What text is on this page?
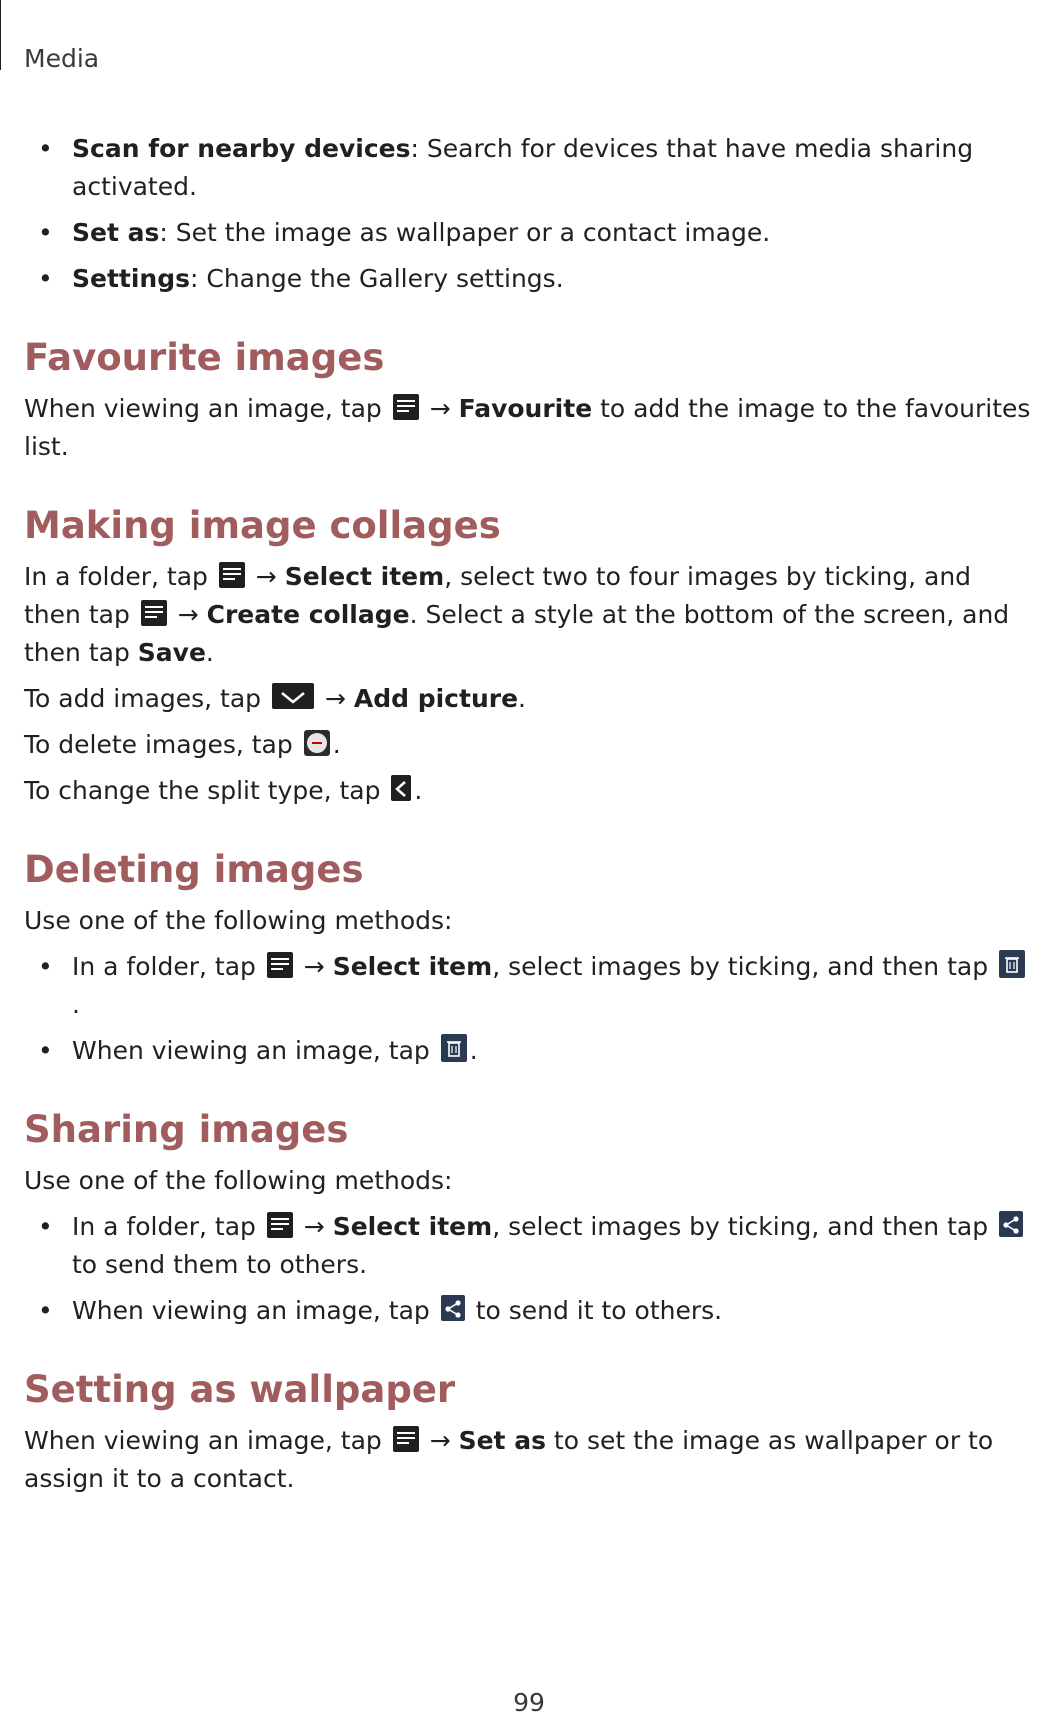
Media
• Scan for nearby devices: Search for devices that have media sharing activated.
• Set as: Set the image as wallpaper or a contact image.
• Settings: Change the Gallery settings.
Favourite images

When viewing an image, tap → Favourite to add the image to the favourites list.

Making image collages

In a folder, tap → Select item, select two to four images by ticking, and then tap → Create collage. Select a style at the bottom of the screen, and then tap Save.

To add images, tap	→ Add picture.

To delete images, tap .

To change the split type, tap .

Deleting images

Use one of the following methods:

• In a folder, tap → Select item, select images by ticking, and then tap .
• When viewing an image, tap .
Sharing images

Use one of the following methods:

• In a folder, tap → Select item, select images by ticking, and then tap  to send them to others.
• When viewing an image, tap to send it to others.
Setting as wallpaper

When viewing an image, tap → Set as to set the image as wallpaper or to assign it to a contact.

99
